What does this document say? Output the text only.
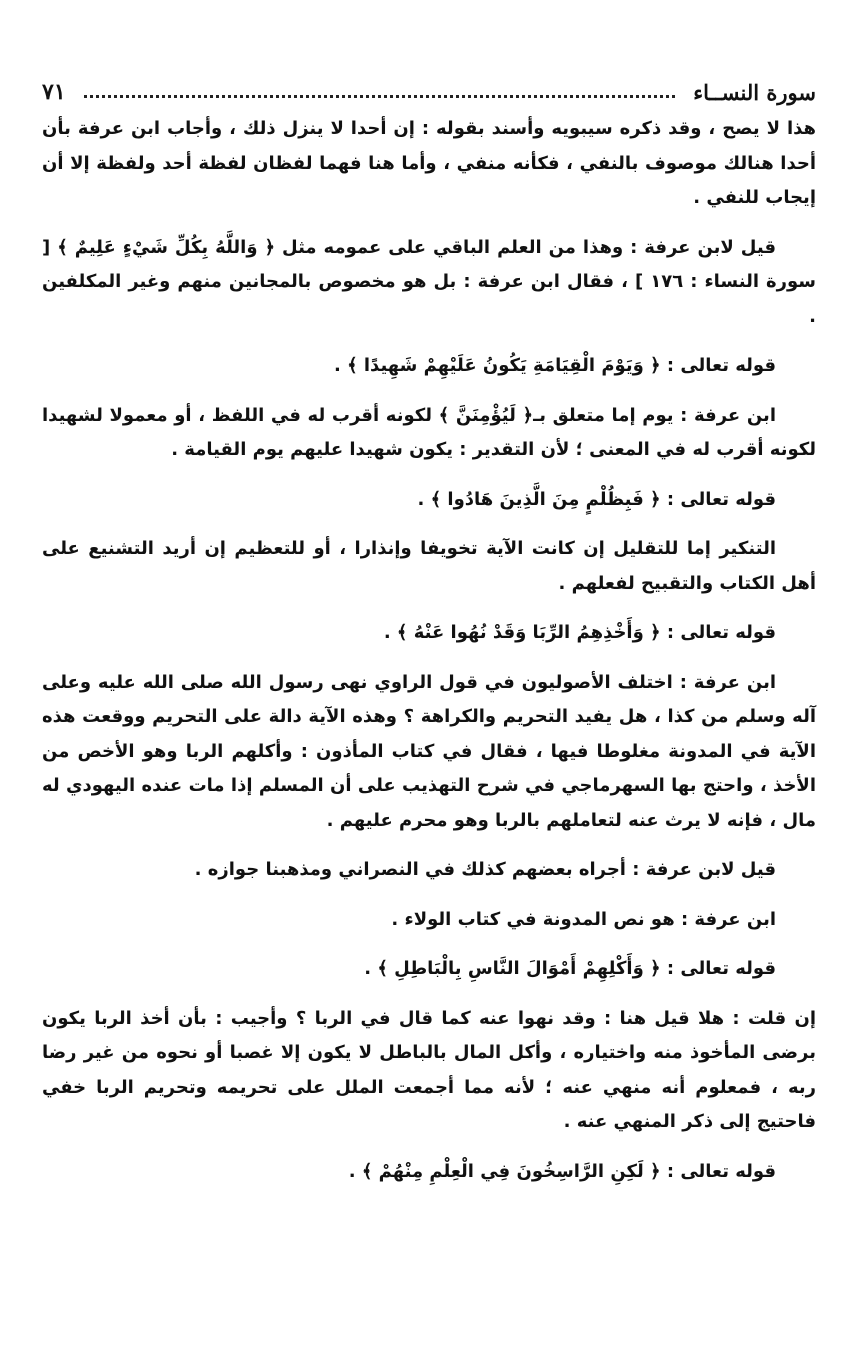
٧١	سورة النســاء

هذا لا يصح ، وقد ذكره سيبويه وأسند بقوله : إن أحدا لا ينزل ذلك ، وأجاب ابن عرفة بأن أحدا هنالك موصوف بالنفي ، فكأنه منفي ، وأما هنا فهما لفظان لفظة أحد ولفظة إلا أن إيجاب للنفي .

قيل لابن عرفة : وهذا من العلم الباقي على عمومه مثل ﴿ وَاللَّهُ بِكُلِّ شَيْءٍ عَلِيمٌ ﴾ [ سورة النساء : ١٧٦ ] ، فقال ابن عرفة : بل هو مخصوص بالمجانين منهم وغير المكلفين .

قوله تعالى : ﴿ وَيَوْمَ الْقِيَامَةِ يَكُونُ عَلَيْهِمْ شَهِيدًا ﴾ .

ابن عرفة : يوم إما متعلق بـ﴿ لَيُؤْمِنَنَّ ﴾ لكونه أقرب له في اللفظ ، أو معمولا لشهيدا لكونه أقرب له في المعنى ؛ لأن التقدير : يكون شهيدا عليهم يوم القيامة .

قوله تعالى : ﴿ فَبِظُلْمٍ مِنَ الَّذِينَ هَادُوا ﴾ .

التنكير إما للتقليل إن كانت الآية تخويفا وإنذارا ، أو للتعظيم إن أريد التشنيع على أهل الكتاب والتقبيح لفعلهم .

قوله تعالى : ﴿ وَأَخْذِهِمُ الرِّبَا وَقَدْ نُهُوا عَنْهُ ﴾ .

ابن عرفة : اختلف الأصوليون في قول الراوي نهى رسول الله صلى الله عليه وعلى آله وسلم من كذا ، هل يفيد التحريم والكراهة ؟ وهذه الآية دالة على التحريم ووقعت هذه الآية في المدونة مغلوطا فيها ، فقال في كتاب المأذون : وأكلهم الربا وهو الأخص من الأخذ ، واحتج بها السهرماجي في شرح التهذيب على أن المسلم إذا مات عنده اليهودي له مال ، فإنه لا يرث عنه لتعاملهم بالربا وهو محرم عليهم .

قيل لابن عرفة : أجراه بعضهم كذلك في النصراني ومذهبنا جوازه .

ابن عرفة : هو نص المدونة في كتاب الولاء .

قوله تعالى : ﴿ وَأَكْلِهِمْ أَمْوَالَ النَّاسِ بِالْبَاطِلِ ﴾ .

إن قلت : هلا قيل هنا : وقد نهوا عنه كما قال في الربا ؟ وأجيب : بأن أخذ الربا يكون برضى المأخوذ منه واختياره ، وأكل المال بالباطل لا يكون إلا غصبا أو نحوه من غير رضا ربه ، فمعلوم أنه منهي عنه ؛ لأنه مما أجمعت الملل على تحريمه وتحريم الربا خفي فاحتيج إلى ذكر المنهي عنه .

قوله تعالى : ﴿ لَكِنِ الرَّاسِخُونَ فِي الْعِلْمِ مِنْهُمْ ﴾ .
